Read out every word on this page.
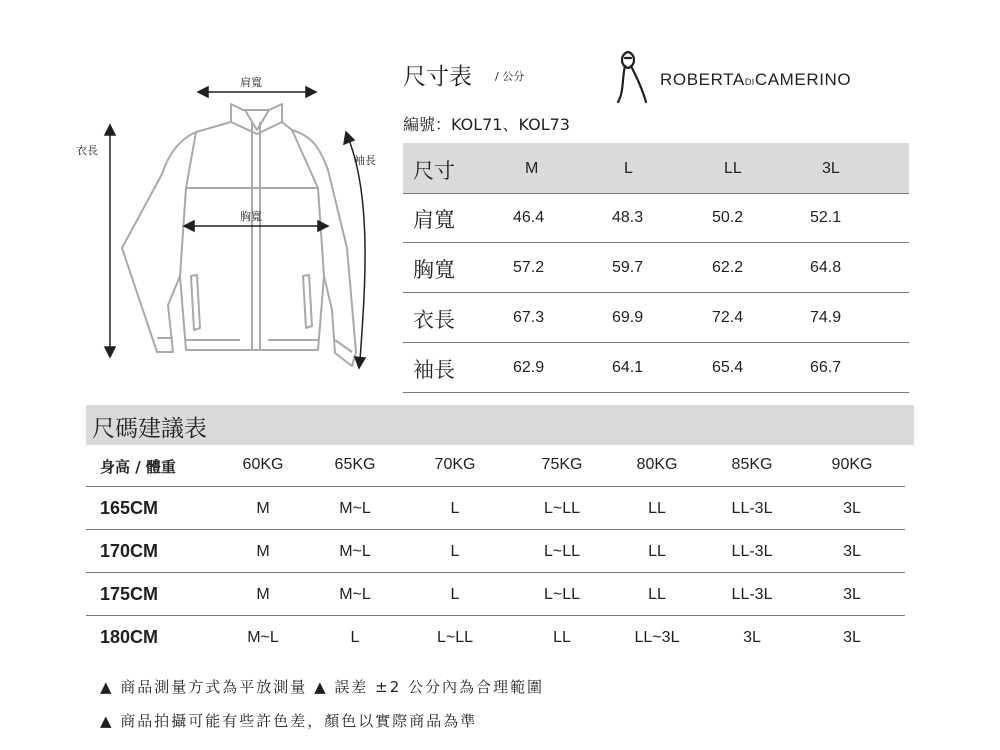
肩寬
胸寬
衣長
袖長
尺寸表 / 公分
編號：KOL71、KOL73
ROBERTADICAMERINO
尺寸	M	L	LL	3L
肩寬	46.4	48.3	50.2	52.1
胸寬	57.2	59.7	62.2	64.8
衣長	67.3	69.9	72.4	74.9
袖長	62.9	64.1	65.4	66.7
尺碼建議表
身高 / 體重	60KG	65KG	70KG	75KG	80KG	85KG	90KG
165CM	M	M~L	L	L~LL	LL	LL-3L	3L
170CM	M	M~L	L	L~LL	LL	LL-3L	3L
175CM	M	M~L	L	L~LL	LL	LL-3L	3L
180CM	M~L	L	L~LL	LL	LL~3L	3L	3L
▲ 商品測量方式為平放測量 ▲ 誤差 ±2 公分內為合理範圍
▲ 商品拍攝可能有些許色差，顏色以實際商品為準
